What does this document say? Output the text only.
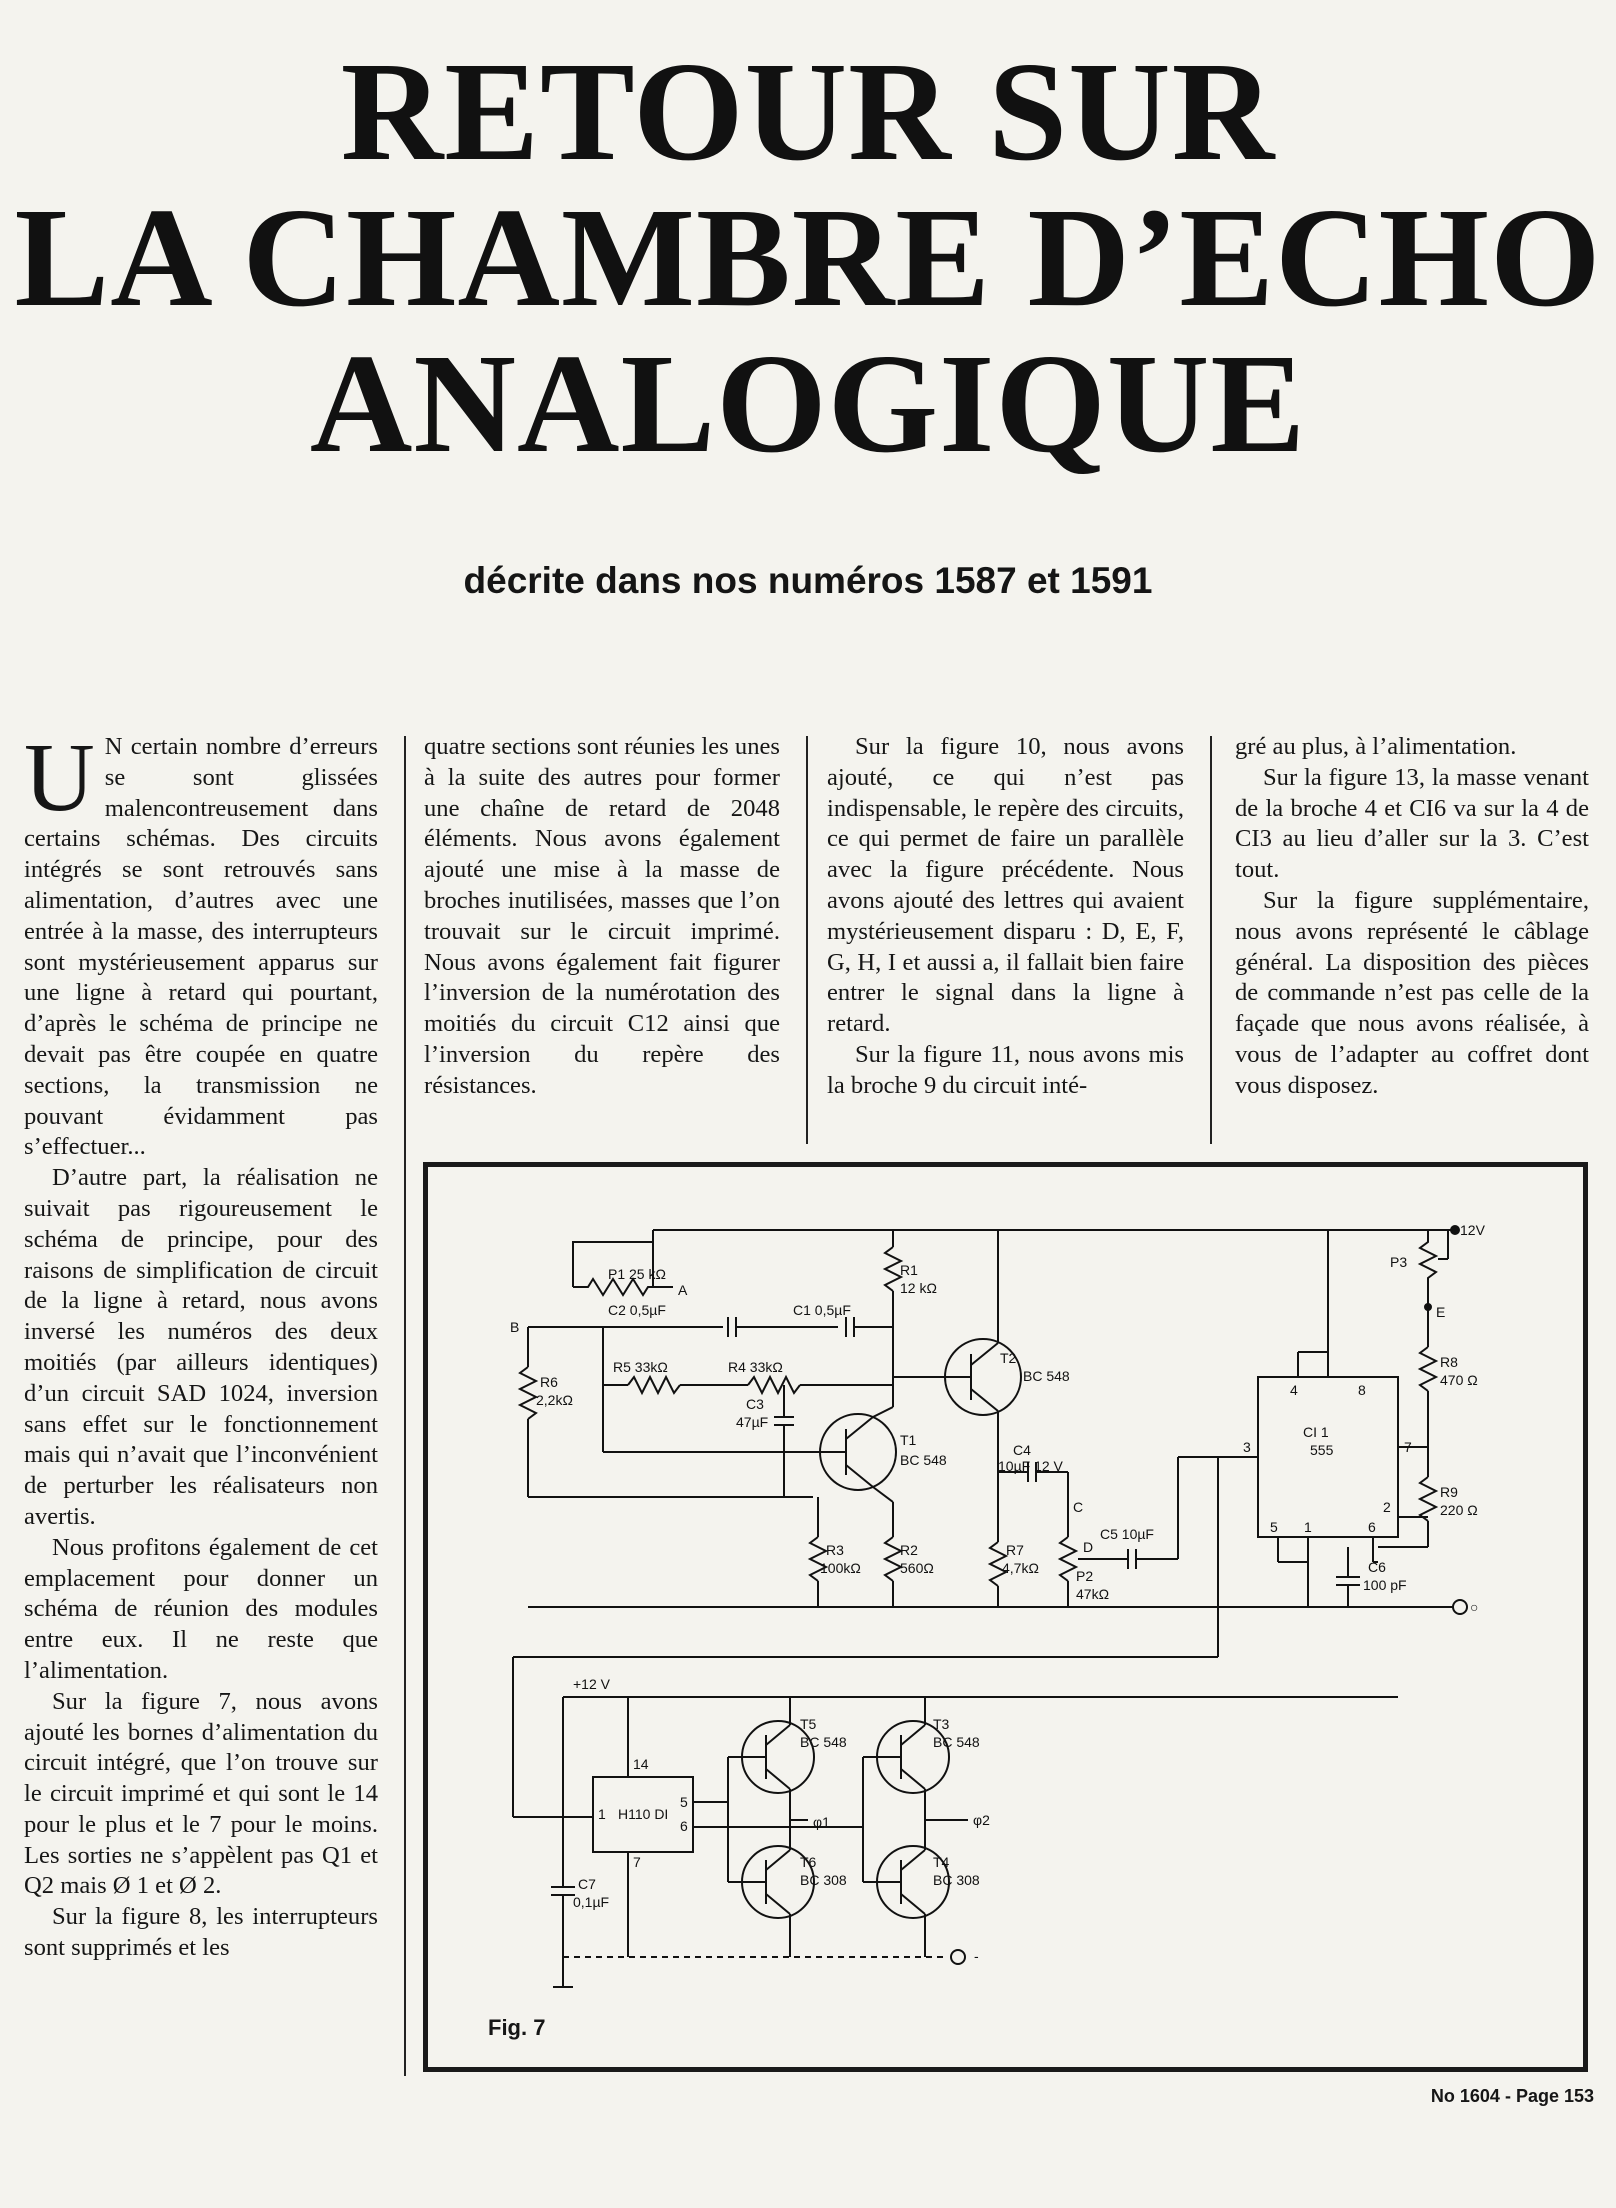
RETOUR SUR
LA CHAMBRE D’ECHO
ANALOGIQUE
décrite dans nos numéros 1587 et 1591

U N certain nombre d’erreurs se sont glissées malencontreusement dans certains schémas. Des circuits intégrés se sont retrouvés sans alimentation, d’autres avec une entrée à la masse, des interrupteurs sont mystérieusement apparus sur une ligne à retard qui pourtant, d’après le schéma de principe ne devait pas être coupée en quatre sections, la transmission ne pouvant évidamment pas s’effectuer...

D’autre part, la réalisation ne suivait pas rigoureusement le schéma de principe, pour des raisons de simplification de circuit de la ligne à retard, nous avons inversé les numéros des deux moitiés (par ailleurs identiques) d’un circuit SAD 1024, inversion sans effet sur le fonctionnement mais qui n’avait que l’inconvénient de perturber les réalisateurs non avertis.

Nous profitons également de cet emplacement pour donner un schéma de réunion des modules entre eux. Il ne reste que l’alimentation.

Sur la figure 7, nous avons ajouté les bornes d’alimentation du circuit intégré, que l’on trouve sur le circuit imprimé et qui sont le 14 pour le plus et le 7 pour le moins. Les sorties ne s’appèlent pas Q1 et Q2 mais Ø 1 et Ø 2.

Sur la figure 8, les interrupteurs sont supprimés et les

quatre sections sont réunies les unes à la suite des autres pour former une chaîne de retard de 2048 éléments. Nous avons également ajouté une mise à la masse de broches inutilisées, masses que l’on trouvait sur le circuit imprimé. Nous avons également fait figurer l’inversion de la numérotation des moitiés du circuit C12 ainsi que l’inversion du repère des résistances.

Sur la figure 10, nous avons ajouté, ce qui n’est pas indispensable, le repère des circuits, ce qui permet de faire un parallèle avec la figure précédente. Nous avons ajouté des lettres qui avaient mystérieusement disparu : D, E, F, G, H, I et aussi a, il fallait bien faire entrer le signal dans la ligne à retard.

Sur la figure 11, nous avons mis la broche 9 du circuit inté-

gré au plus, à l’alimentation.

Sur la figure 13, la masse venant de la broche 4 et CI6 va sur la 4 de CI3 au lieu d’aller sur la 3. C’est tout.

Sur la figure supplémentaire, nous avons représenté le câblage général. La disposition des pièces de commande n’est pas celle de la façade que nous avons réalisée, à vous de l’adapter au coffret dont vous disposez.

P1 25 kΩ
A
B
R1
12 kΩ
C2 0,5µF	C1 0,5µF
R6
2,2kΩ
R5 33kΩ	R4 33kΩ
C3
47µF
T1
BC 548
T2
BC 548
C4
10µF 12 V
C
R3
100kΩ
R2
560Ω
R7
4,7kΩ
D
C5 10µF
P2
47kΩ
12V
P3
E
R8
470 Ω
R9
220 Ω
CI 1
555
4	8
3	7
2
5 1	6
C6
100 pF
+12 V
H110 DI
1
14
5
6
7
C7
0,1µF
T5
BC 548
T3
BC 548
T6
BC 308
T4
BC 308
φ1	φ2
-
○
Fig. 7
No 1604 - Page 153
